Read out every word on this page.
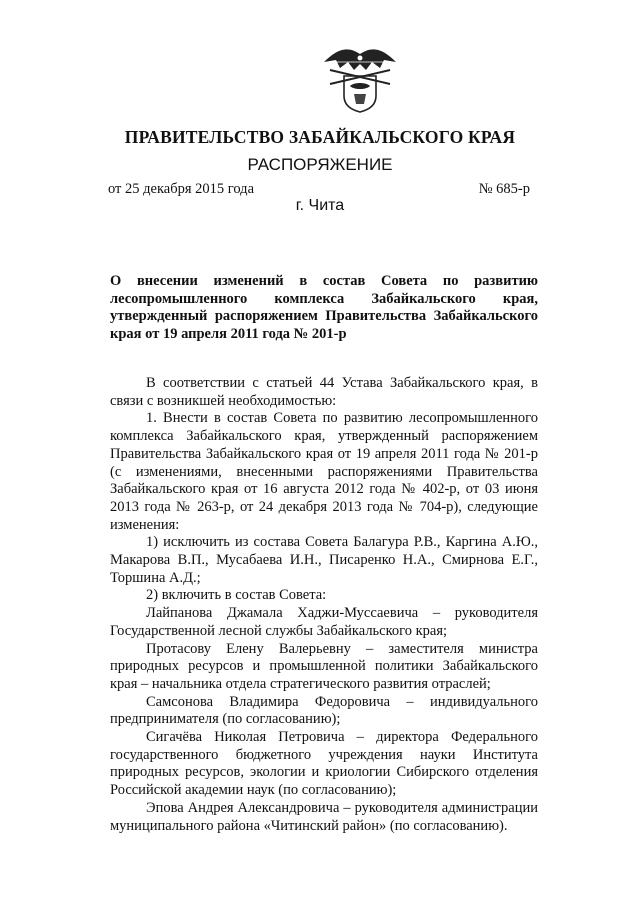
ПРАВИТЕЛЬСТВО ЗАБАЙКАЛЬСКОГО КРАЯ
РАСПОРЯЖЕНИЕ
от 25 декабря 2015 года	№ 685-р
г. Чита
О внесении изменений в состав Совета по развитию лесопромышленного комплекса Забайкальского края, утвержденный распоряжением Правительства Забайкальского края от 19 апреля 2011 года № 201-р

В соответствии с статьей 44 Устава Забайкальского края, в связи с возникшей необходимостью:

1. Внести в состав Совета по развитию лесопромышленного комплекса Забайкальского края, утвержденный распоряжением Правительства Забайкальского края от 19 апреля 2011 года № 201-р (с изменениями, внесенными распоряжениями Правительства Забайкальского края от 16 августа 2012 года № 402-р, от 03 июня 2013 года № 263-р, от 24 декабря 2013 года № 704-р), следующие изменения:

1) исключить из состава Совета Балагура Р.В., Каргина А.Ю., Макарова В.П., Мусабаева И.Н., Писаренко Н.А., Смирнова Е.Г., Торшина А.Д.;

2) включить в состав Совета:

Лайпанова Джамала Хаджи-Муссаевича – руководителя Государственной лесной службы Забайкальского края;

Протасову Елену Валерьевну – заместителя министра природных ресурсов и промышленной политики Забайкальского края – начальника отдела стратегического развития отраслей;

Самсонова Владимира Федоровича – индивидуального предпринимателя (по согласованию);

Сигачёва Николая Петровича – директора Федерального государственного бюджетного учреждения науки Института природных ресурсов, экологии и криологии Сибирского отделения Российской академии наук (по согласованию);

Эпова Андрея Александровича – руководителя администрации муниципального района «Читинский район» (по согласованию).
